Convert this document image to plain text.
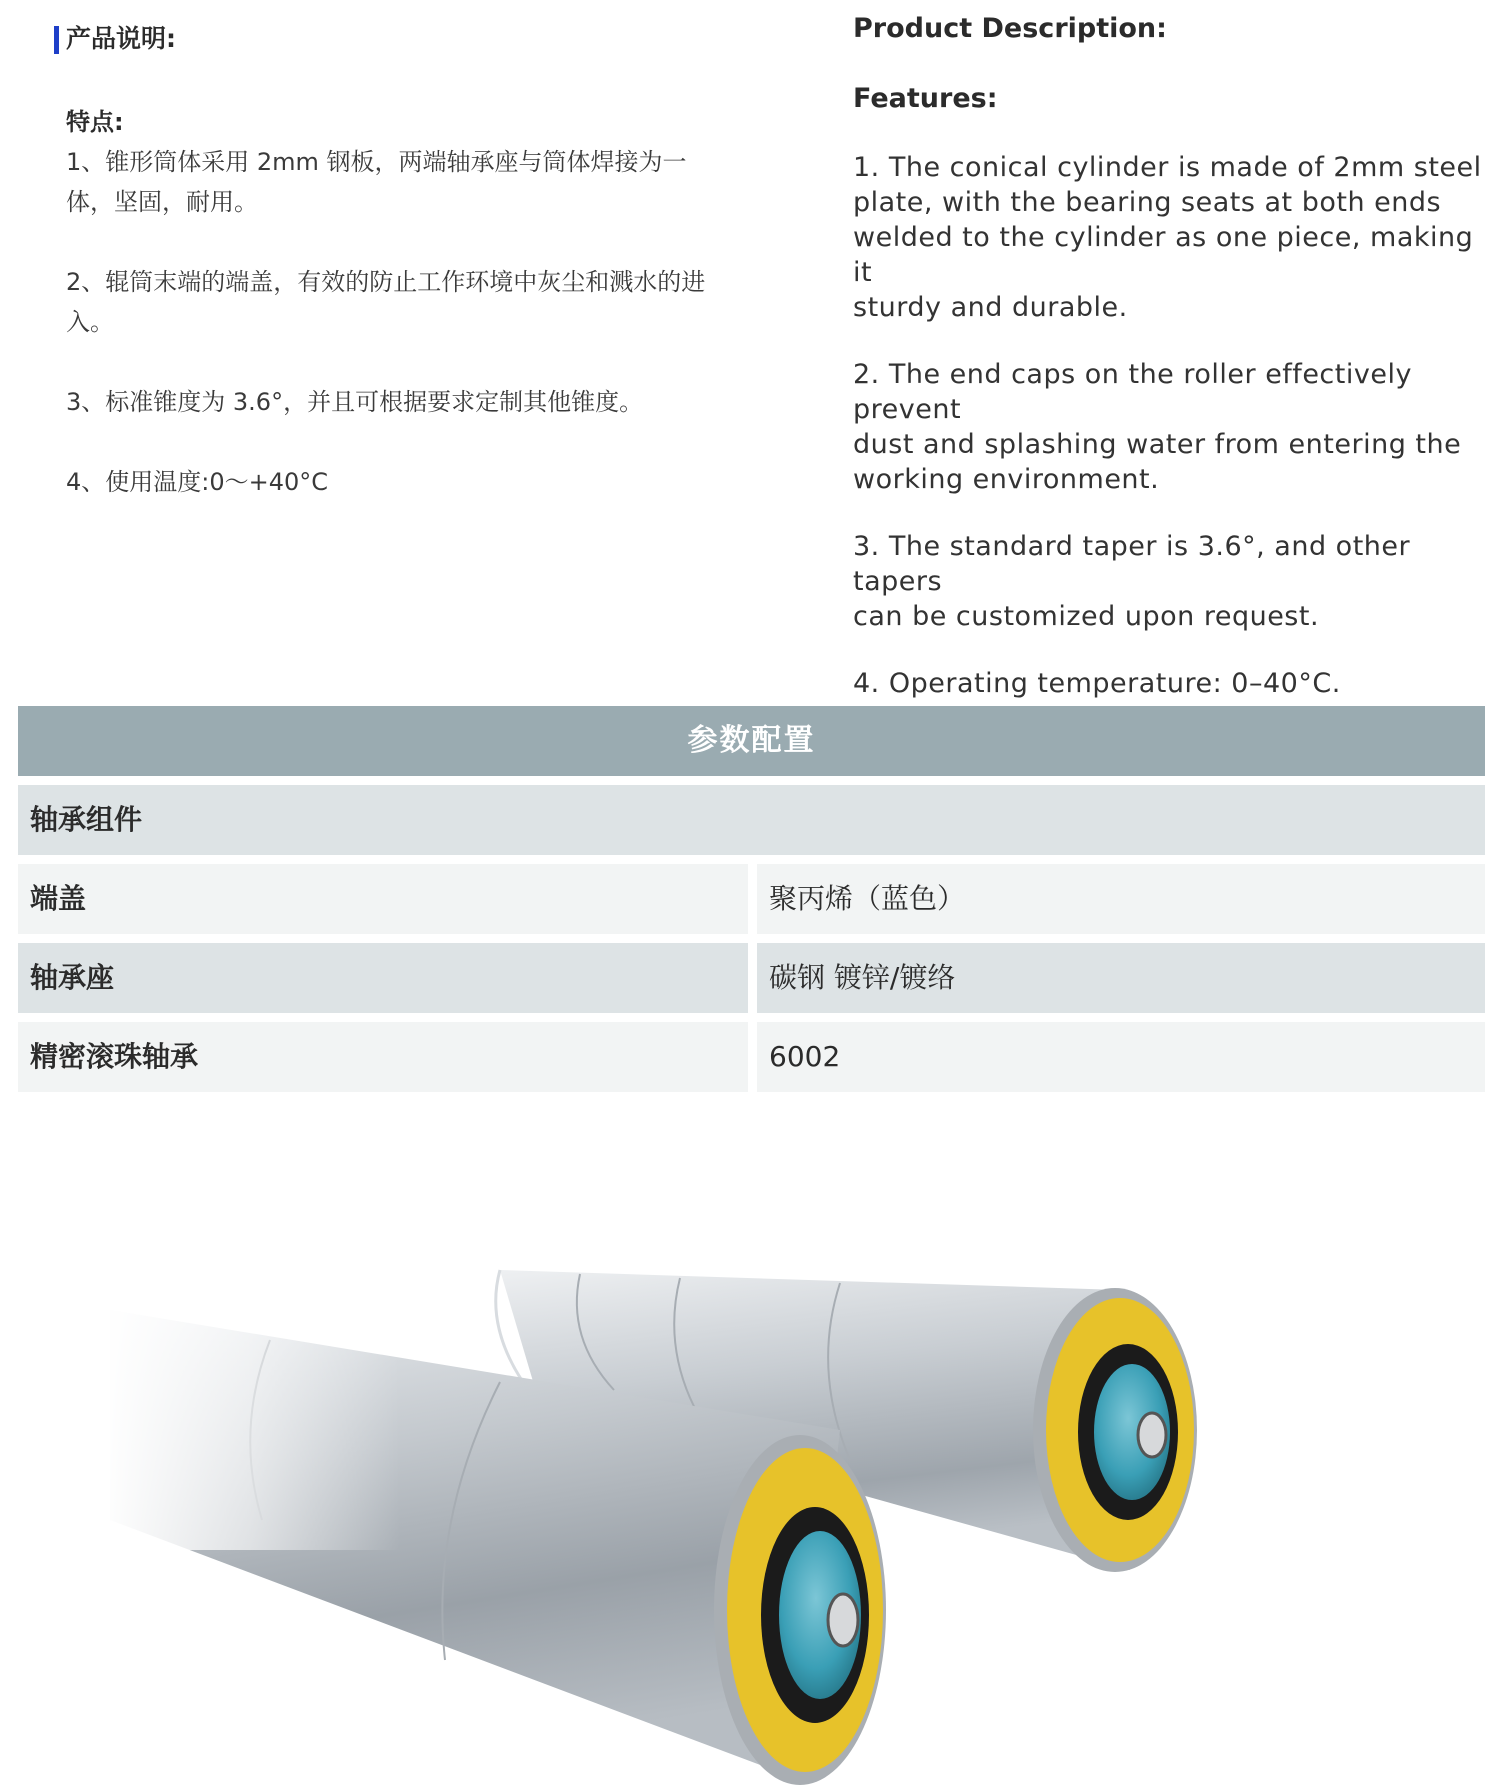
产品说明:
特点:

1、锥形筒体采用 2mm 钢板，两端轴承座与筒体焊接为一

体，坚固，耐用。

2、辊筒末端的端盖，有效的防止工作环境中灰尘和溅水的进

入。

3、标准锥度为 3.6°，并且可根据要求定制其他锥度。

4、使用温度:0～+40°C

Product Description:
Features:

1. The conical cylinder is made of 2mm steel
plate, with the bearing seats at both ends
welded to the cylinder as one piece, making it
sturdy and durable.

2. The end caps on the roller effectively prevent
dust and splashing water from entering the
working environment.

3. The standard taper is 3.6°, and other tapers
can be customized upon request.

4. Operating temperature: 0–40°C.

参数配置
轴承组件
端盖	聚丙烯（蓝色）
轴承座	碳钢 镀锌/镀络
精密滚珠轴承	6002
